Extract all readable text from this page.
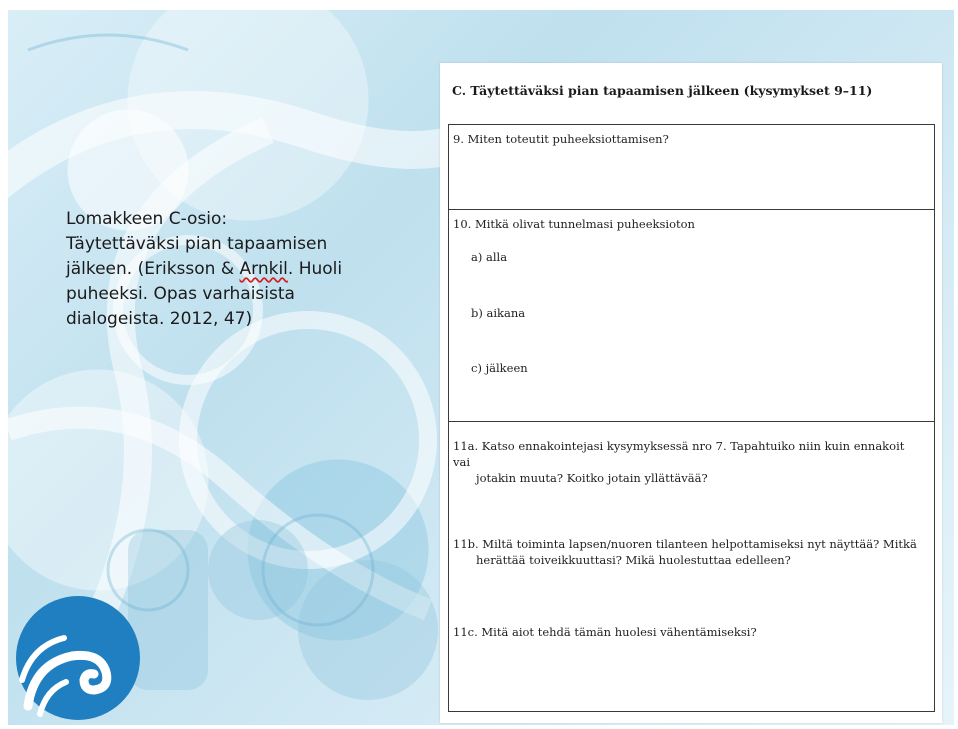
Lomakkeen C-osio:
Täytettäväksi pian tapaamisen
jälkeen. (Eriksson & Arnkil. Huoli
puheeksi. Opas varhaisista
dialogeista. 2012, 47)
C. Täytettäväksi pian tapaamisen jälkeen (kysymykset 9–11)
9. Miten toteutit puheeksiottamisen?
10. Mitkä olivat tunnelmasi puheeksioton
a) alla
b) aikana
c) jälkeen
11a. Katso ennakointejasi kysymyksessä nro 7. Tapahtuiko niin kuin ennakoit vai
jotakin muuta? Koitko jotain yllättävää?
11b. Miltä toiminta lapsen/nuoren tilanteen helpottamiseksi nyt näyttää? Mitkä
herättää toiveikkuuttasi? Mikä huolestuttaa edelleen?
11c. Mitä aiot tehdä tämän huolesi vähentämiseksi?
